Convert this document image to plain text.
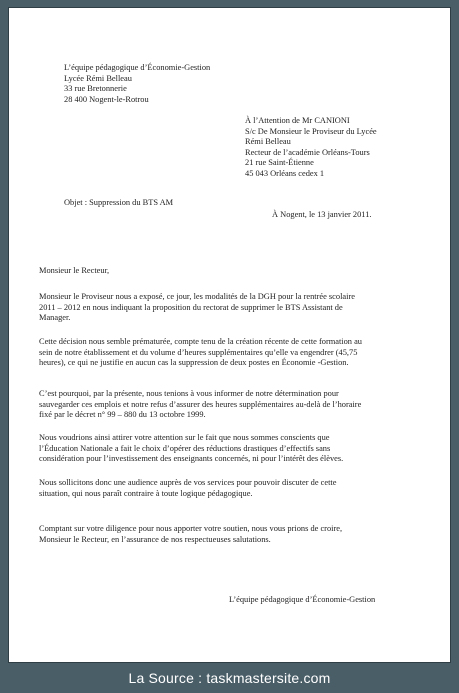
L’équipe pédagogique d’Économie-Gestion
Lycée Rémi Belleau
33 rue Bretonnerie
28 400 Nogent-le-Rotrou
À l’Attention de Mr CANIONI
S/c De Monsieur le Proviseur du Lycée
Rémi Belleau
Recteur de l’académie Orléans-Tours
21 rue Saint-Étienne
45 043 Orléans cedex 1
Objet : Suppression du BTS AM
À Nogent, le 13 janvier 2011.
Monsieur le Recteur,
Monsieur le Proviseur nous a exposé, ce jour, les modalités de la DGH pour la rentrée scolaire
2011 – 2012 en nous indiquant la proposition du rectorat de supprimer le BTS Assistant de
Manager.
Cette décision nous semble prématurée, compte tenu de la création récente de cette formation au
sein de notre établissement et du volume d’heures supplémentaires qu’elle va engendrer (45,75
heures), ce qui ne justifie en aucun cas la suppression de deux postes en Économie -Gestion.
C’est pourquoi, par la présente, nous tenions à vous informer de notre détermination pour
sauvegarder ces emplois et notre refus d’assurer des heures supplémentaires au-delà de l’horaire
fixé par le décret n° 99 – 880 du 13 octobre 1999.
Nous voudrions ainsi attirer votre attention sur le fait que nous sommes conscients que
l’Éducation Nationale a fait le choix d’opérer des réductions drastiques d’effectifs sans
considération pour l’investissement des enseignants concernés, ni pour l’intérêt des élèves.
Nous sollicitons donc une audience auprès de vos services pour pouvoir discuter de cette
situation, qui nous paraît contraire à toute logique pédagogique.
Comptant sur votre diligence pour nous apporter votre soutien, nous vous prions de croire,
Monsieur le Recteur, en l’assurance de nos respectueuses salutations.
L’équipe pédagogique d’Économie-Gestion
La Source : taskmastersite.com
